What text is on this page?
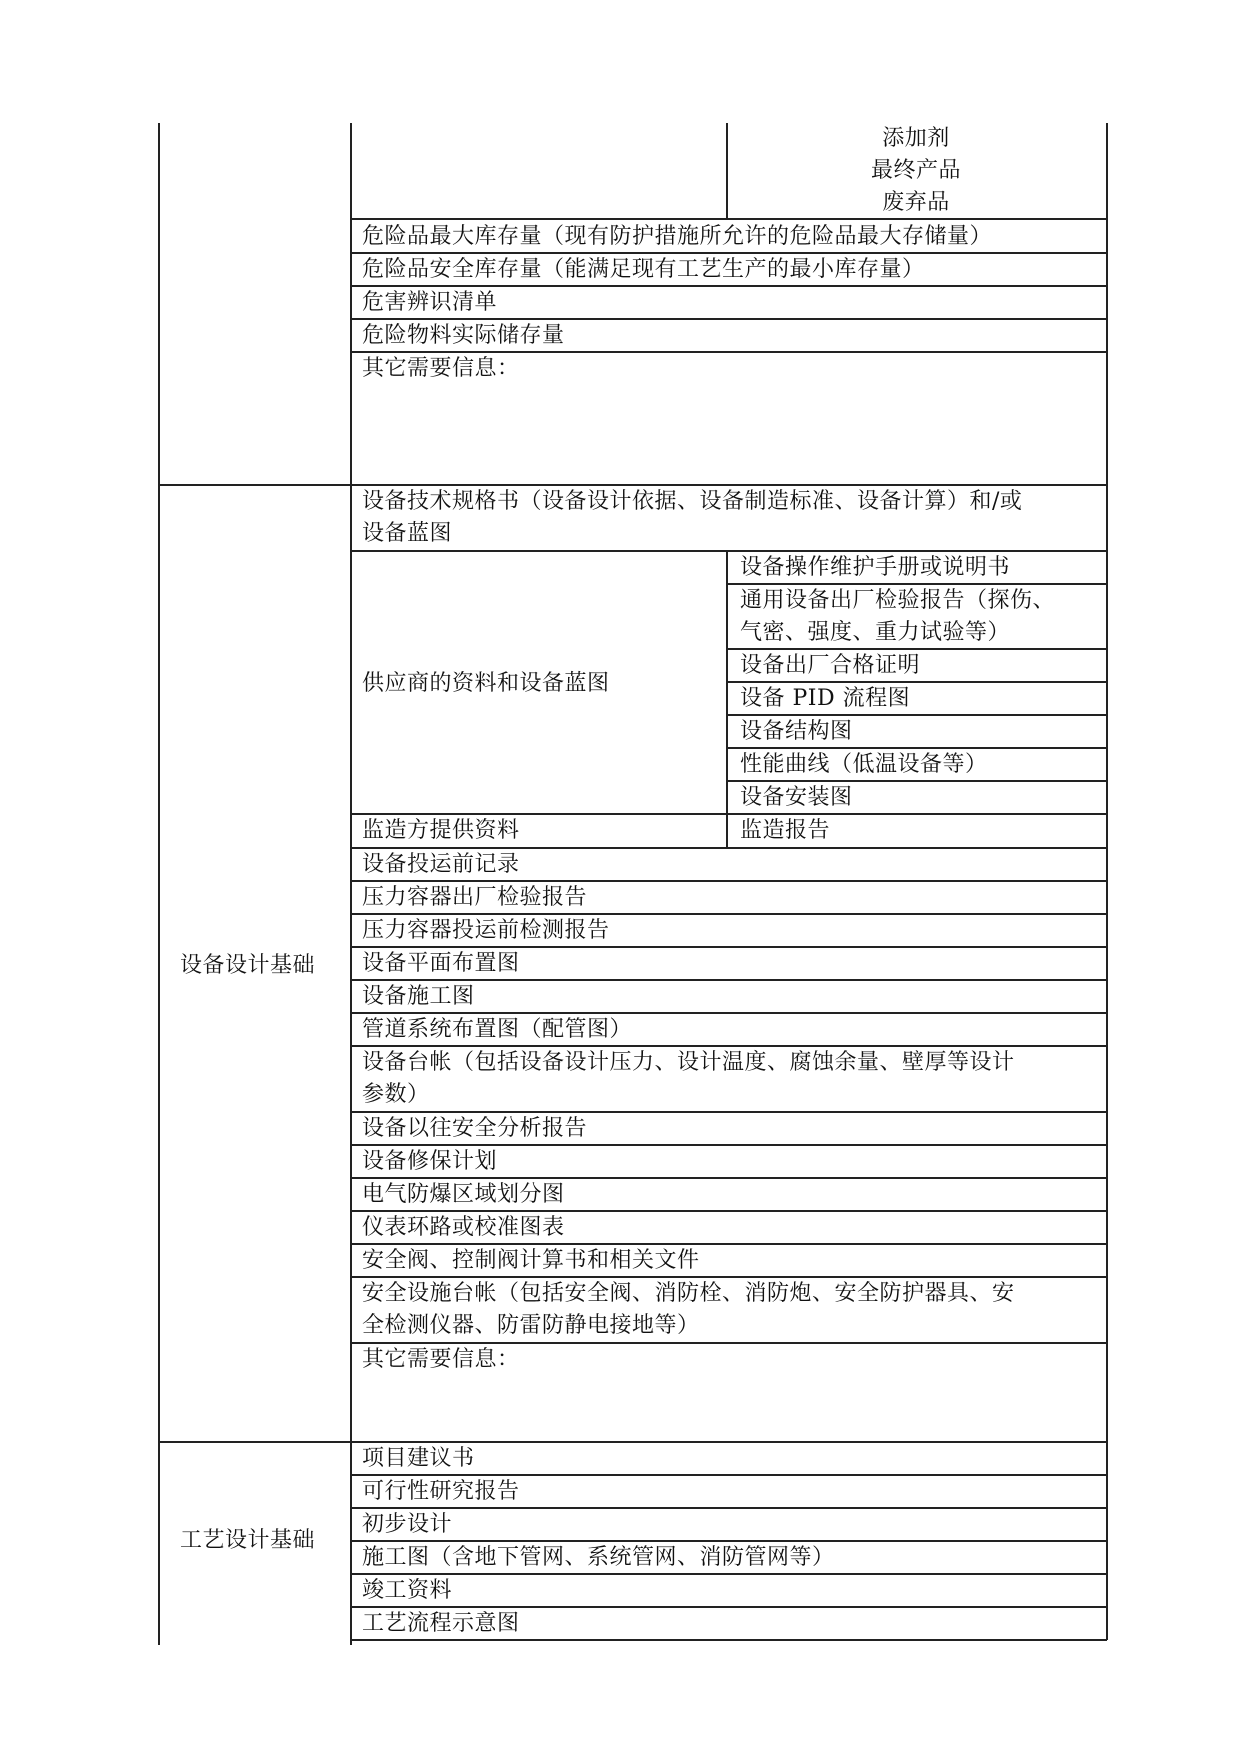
添加剂
最终产品
废弃品
危险品最大库存量（现有防护措施所允许的危险品最大存储量）
危险品安全库存量（能满足现有工艺生产的最小库存量）
危害辨识清单
危险物料实际储存量
其它需要信息：
设备设计基础
设备技术规格书（设备设计依据、设备制造标准、设备计算）和/或
设备蓝图
供应商的资料和设备蓝图
设备操作维护手册或说明书
通用设备出厂检验报告（探伤、
气密、强度、重力试验等）
设备出厂合格证明
设备 PID 流程图
设备结构图
性能曲线（低温设备等）
设备安装图
监造方提供资料	监造报告
设备投运前记录
压力容器出厂检验报告
压力容器投运前检测报告
设备平面布置图
设备施工图
管道系统布置图（配管图）
设备台帐（包括设备设计压力、设计温度、腐蚀余量、壁厚等设计
参数）
设备以往安全分析报告
设备修保计划
电气防爆区域划分图
仪表环路或校准图表
安全阀、控制阀计算书和相关文件
安全设施台帐（包括安全阀、消防栓、消防炮、安全防护器具、安
全检测仪器、防雷防静电接地等）
其它需要信息：
工艺设计基础
项目建议书
可行性研究报告
初步设计
施工图（含地下管网、系统管网、消防管网等）
竣工资料
工艺流程示意图
